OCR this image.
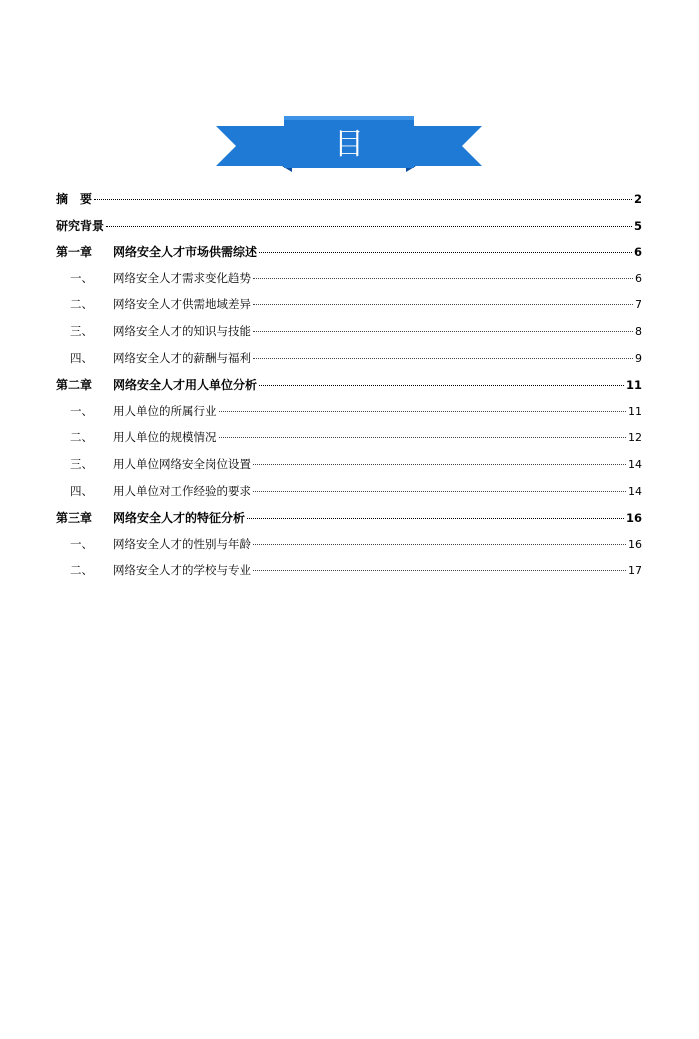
目 录
摘　要	2
研究背景	5
第一章	网络安全人才市场供需综述	6
一、	网络安全人才需求变化趋势	6
二、	网络安全人才供需地域差异	7
三、	网络安全人才的知识与技能	8
四、	网络安全人才的薪酬与福利	9
第二章	网络安全人才用人单位分析	11
一、	用人单位的所属行业	11
二、	用人单位的规模情况	12
三、	用人单位网络安全岗位设置	14
四、	用人单位对工作经验的要求	14
第三章	网络安全人才的特征分析	16
一、	网络安全人才的性别与年龄	16
二、	网络安全人才的学校与专业	17
